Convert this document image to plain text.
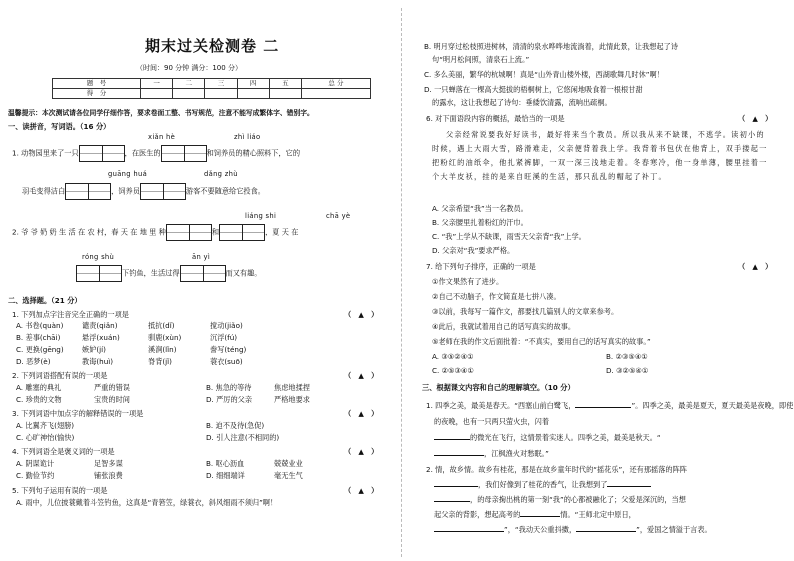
期末过关检测卷 二
（时间：90 分钟 满分：100 分）
题　号	一	二	三	四	五	总 分
得　分						
温馨提示：本次测试请各位同学仔细作答，要求卷面工整、书写规范，注意不能写成繁体字、错别字。
一、读拼音，写词语。（16 分）
xiǎn hè	zhì liáo
1. 动物园里来了一只	，在医生的	和饲养员的精心照料下，它的
guāng huá	dǎng zhù
羽毛变得洁白	，饲养员	游客不要随意给它投食。
liáng shi	chā yè
2. 爷 爷 奶 奶 生 活 在 农 村，春 天 在 地 里 种	和	，夏 天 在
róng shù	ān yì
下钓鱼，生活过得	而又有趣。
二、选择题。（21 分）
1. 下列加点字注音完全正确的一项是	（　▲　）
A. 书卷(quàn)	谴责(qiǎn)	抵抗(dǐ)	搅动(jiǎo)
B. 差事(chāi)	悬浮(xuán)	驯鹿(xùn)	沉浮(fú)
C. 更换(gēng)	嫉妒(jí)	溪涧(lǐn)	誊写(téng)
D. 恶梦(è)	教诲(huì)	脊背(jǐ)	蓑衣(suō)
2. 下列词语搭配有误的一项是	（　▲　）
A. 雕塞的典礼	严重的错误	B. 焦急的等待	焦虑地揉捏
C. 珍贵的文物	宝贵的时间	D. 严厉的父亲	严格地要求
3. 下列词语中加点字的解释错误的一项是	（　▲　）
A. 比翼齐飞(翅膀)	B. 迫不及待(急促)
C. 心旷神怡(愉快)	D. 引人注意(不相同的)
4. 下列词语全是褒义词的一项是	（　▲　）
A. 阴谋诡计	足智多谋	B. 呕心沥血	兢兢业业
C. 勤俭节约	铺张浪费	D. 细细端详	毫无生气
5. 下列句子运用有误的一项是	（　▲　）
A. 雨中，儿位披蓑戴着斗笠钓鱼，这真是“青箬笠，绿蓑衣，斜风细雨不须归”啊！
B. 明月穿过松枝照进树林，清清的泉水哗哗地流淌着，此情此景，让我想起了诗
句“明月松间照，清泉石上流。”
C. 多么美丽，繁华的杭城啊！真是“山外青山楼外楼，西湖歌舞几时休”啊！
D. 一只蝉落在一棵高大挺拔的梧桐树上，它悠闲地吸食着一根根甘甜
的露水，这让我想起了诗句：垂緌饮清露，流响出疏桐。
6. 对下面语段内容的概括，最恰当的一项是	（　▲　）
父亲经常说要我好好读书，最好将来当个教员。所以我从来不缺课，不逃学。读初小的时候，遇上大雨大雪，路滑难走，父亲便背着我上学。我背着书包伏在他背上，双手搂起一把粉红的油纸伞，他扎紧裤脚，一双一深三浅地走着。冬春寒冷，他一身单薄，腰里挂着一个大羊皮袄，挂的是来自旺溪的生活，那只乱乱的帽起了补丁。
A. 父亲希望“我”当一名教员。
B. 父亲腰里扎着粉红的汗巾。
C. “我”上学从不缺课，雨雪天父亲背“我”上学。
D. 父亲对“我”要求严格。
7. 给下列句子排序，正确的一项是	（　▲　）
①作文果然有了进步。
②自己不动脑子，作文简直是七拼八凑。
③以前，我每写一篇作文，都要找几篇别人的文章来参考。
④此后，我就试着用自己的话写真实的故事。
⑤老师在我的作文后面批着：“不真实，要用自己的话写真实的故事。”
A. ③⑤②④①	B. ②③⑤④①
C. ②⑤③④①	D. ③②⑤④①
三、根据课文内容和自己的理解填空。（10 分）
1. 四季之美，最美是春天。“西塞山前白鹭飞，	”。四季之美，最美是夏天，夏天最美是夜晚，即使
的夜晚，也有一只两只萤火虫，闪着
的微光在飞行，这情景着实迷人。四季之美，最美是秋天。“
，江枫渔火对愁眠。”
2. 情，故乡情。故乡有桂花，那是在故乡童年时代的“摇花乐”，还有那摇落的阵阵
，我们好像到了桂花的香气，让我想到了
，的母亲掬出桃的第一刻“我”的心都被融化了；父爱是深沉的，当想
起父亲的背影，想起高考的	情。“王师北定中原日，
”，“我动天公重抖擞，	”，爱国之情溢于言表。
